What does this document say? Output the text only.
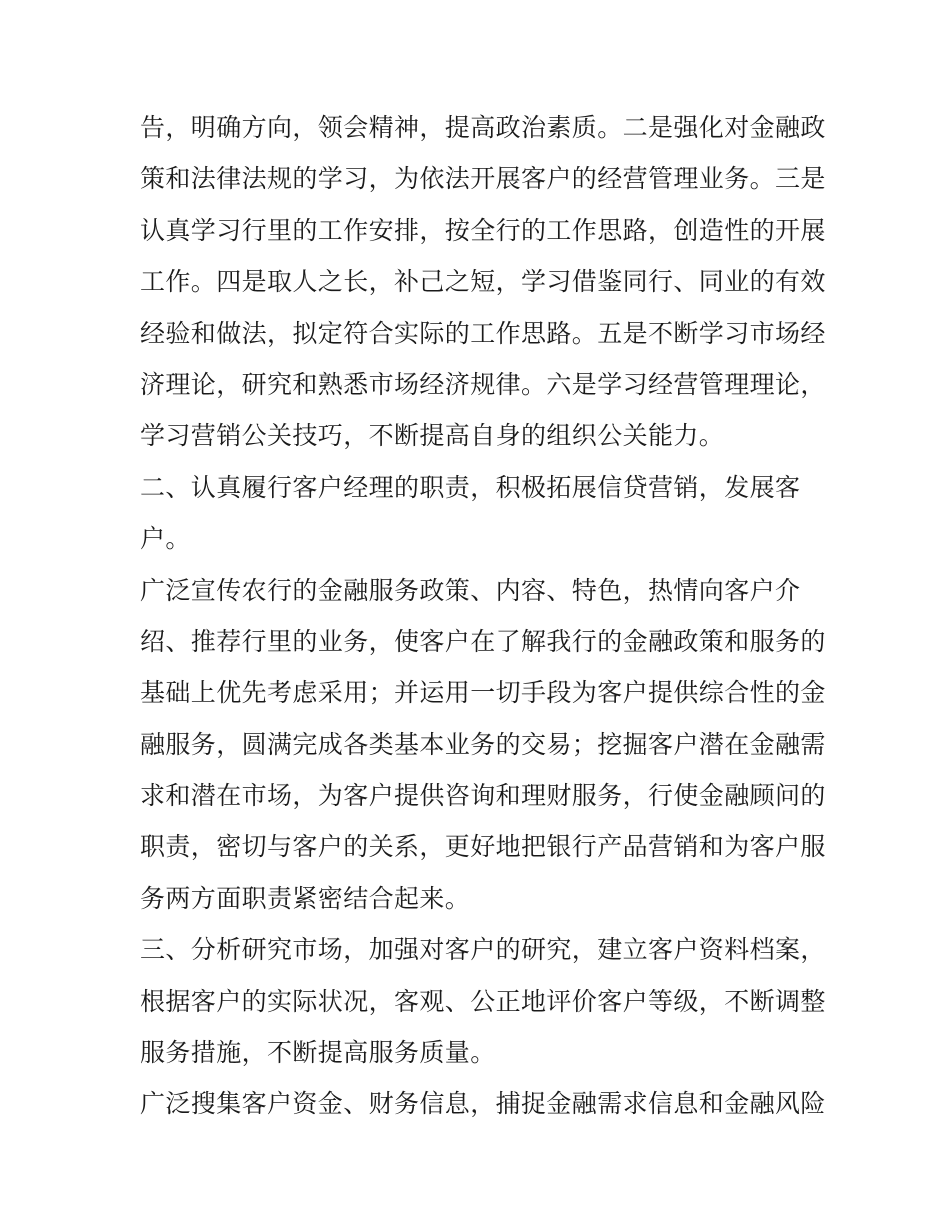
告，明确方向，领会精神，提高政治素质。二是强化对金融政
策和法律法规的学习，为依法开展客户的经营管理业务。三是
认真学习行里的工作安排，按全行的工作思路，创造性的开展
工作。四是取人之长，补己之短，学习借鉴同行、同业的有效
经验和做法，拟定符合实际的工作思路。五是不断学习市场经
济理论，研究和熟悉市场经济规律。六是学习经营管理理论，
学习营销公关技巧，不断提高自身的组织公关能力。
二、认真履行客户经理的职责，积极拓展信贷营销，发展客
户。
广泛宣传农行的金融服务政策、内容、特色，热情向客户介
绍、推荐行里的业务，使客户在了解我行的金融政策和服务的
基础上优先考虑采用；并运用一切手段为客户提供综合性的金
融服务，圆满完成各类基本业务的交易；挖掘客户潜在金融需
求和潜在市场，为客户提供咨询和理财服务，行使金融顾问的
职责，密切与客户的关系，更好地把银行产品营销和为客户服
务两方面职责紧密结合起来。
三、分析研究市场，加强对客户的研究，建立客户资料档案，
根据客户的实际状况，客观、公正地评价客户等级，不断调整
服务措施，不断提高服务质量。
广泛搜集客户资金、财务信息，捕捉金融需求信息和金融风险
